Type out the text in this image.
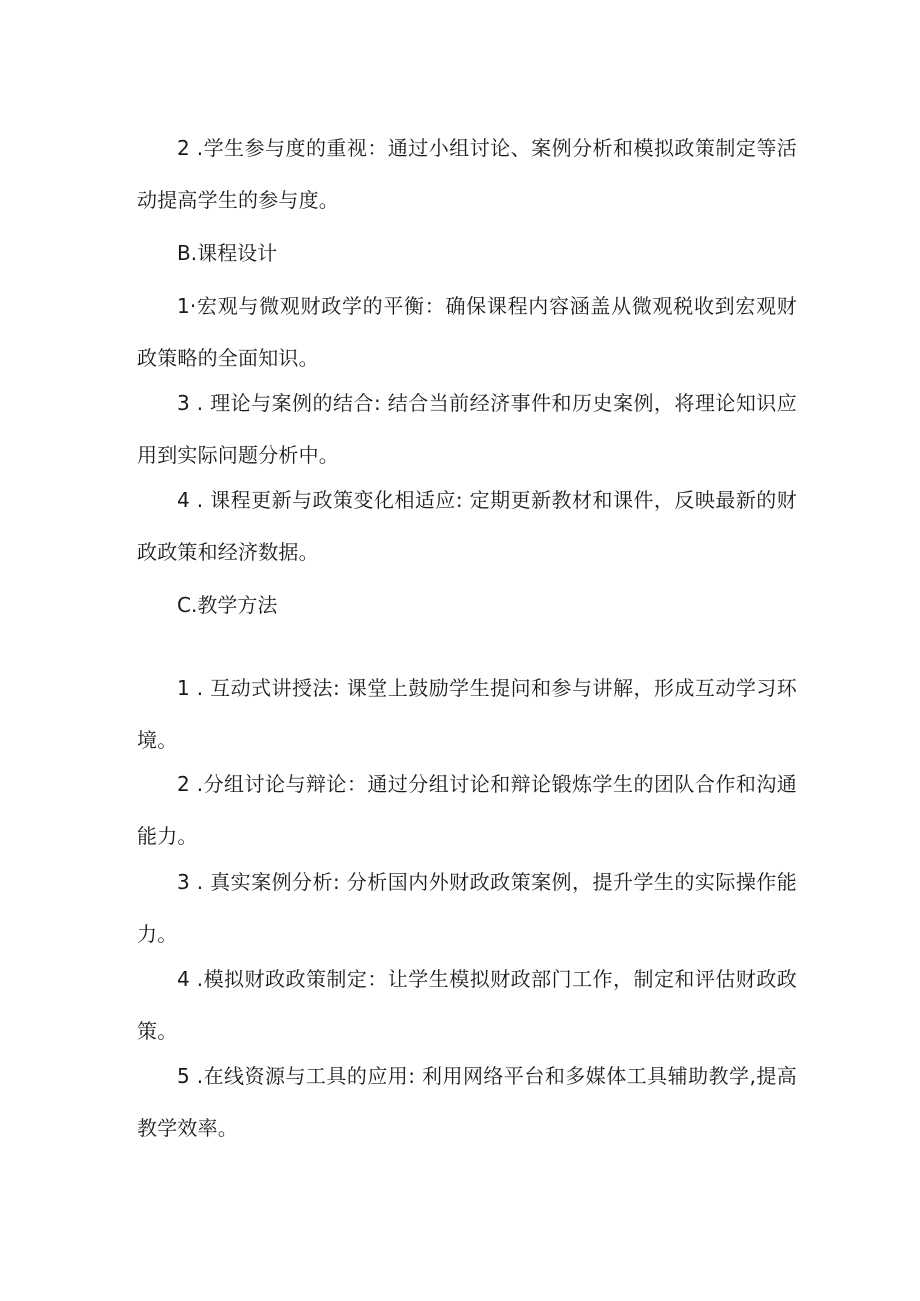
2 .学生参与度的重视：通过小组讨论、案例分析和模拟政策制定等活动提高学生的参与度。

B.课程设计

1·宏观与微观财政学的平衡：确保课程内容涵盖从微观税收到宏观财政策略的全面知识。

3 . 理论与案例的结合: 结合当前经济事件和历史案例，将理论知识应用到实际问题分析中。

4 . 课程更新与政策变化相适应: 定期更新教材和课件，反映最新的财政政策和经济数据。

C.教学方法

1 . 互动式讲授法: 课堂上鼓励学生提问和参与讲解，形成互动学习环境。

2 .分组讨论与辩论：通过分组讨论和辩论锻炼学生的团队合作和沟通能力。

3 . 真实案例分析: 分析国内外财政政策案例，提升学生的实际操作能力。

4 .模拟财政政策制定：让学生模拟财政部门工作，制定和评估财政政策。

5 .在线资源与工具的应用: 利用网络平台和多媒体工具辅助教学,提高教学效率。
